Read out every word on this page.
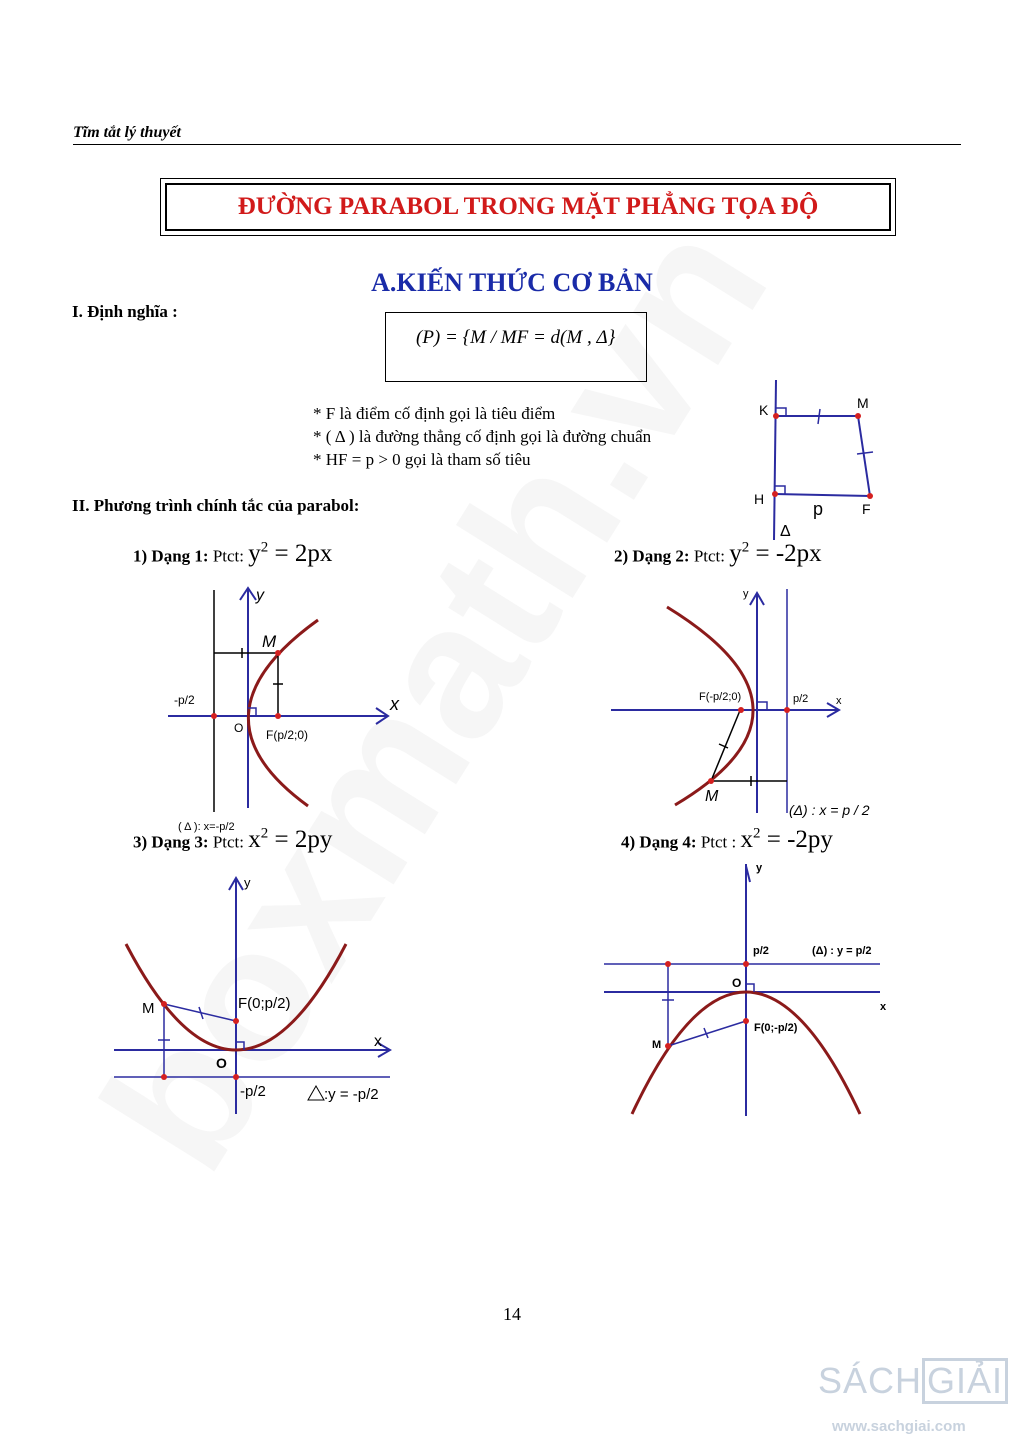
Tĩm tắt lý thuyết
ĐƯỜNG PARABOL TRONG MẶT PHẲNG TỌA ĐỘ
A.KIẾN THỨC CƠ BẢN
I. Định nghĩa :
(P) = {M / MF = d(M , Δ}
* F là điểm cố định gọi là tiêu điểm
* ( Δ ) là đường thẳng cố định gọi là đường chuẩn
* HF = p > 0 gọi là tham số tiêu
K	M
H	p	F
Δ
II. Phương trình chính tắc của parabol:
1) Dạng 1: Ptct: $y^2 = 2px$	2) Dạng 2: Ptct: $y^2 = -2px$
3) Dạng 3: Ptct: $x^2 = 2py$	4) Dạng 4: Ptct : $x^2 = -2py$
y
x
M
-p/2
O F(p/2;0)
( Δ ): x=-p/2
y
x
F(-p/2;0)	p/2
M
(Δ) : x = p / 2
y
x
M	F(0;p/2)
O
-p/2	:y = -p/2
y
x
p/2	(Δ) : y = p/2
O
F(0;-p/2)
M
14
SÁCH GIẢI
www.sachgiai.com
